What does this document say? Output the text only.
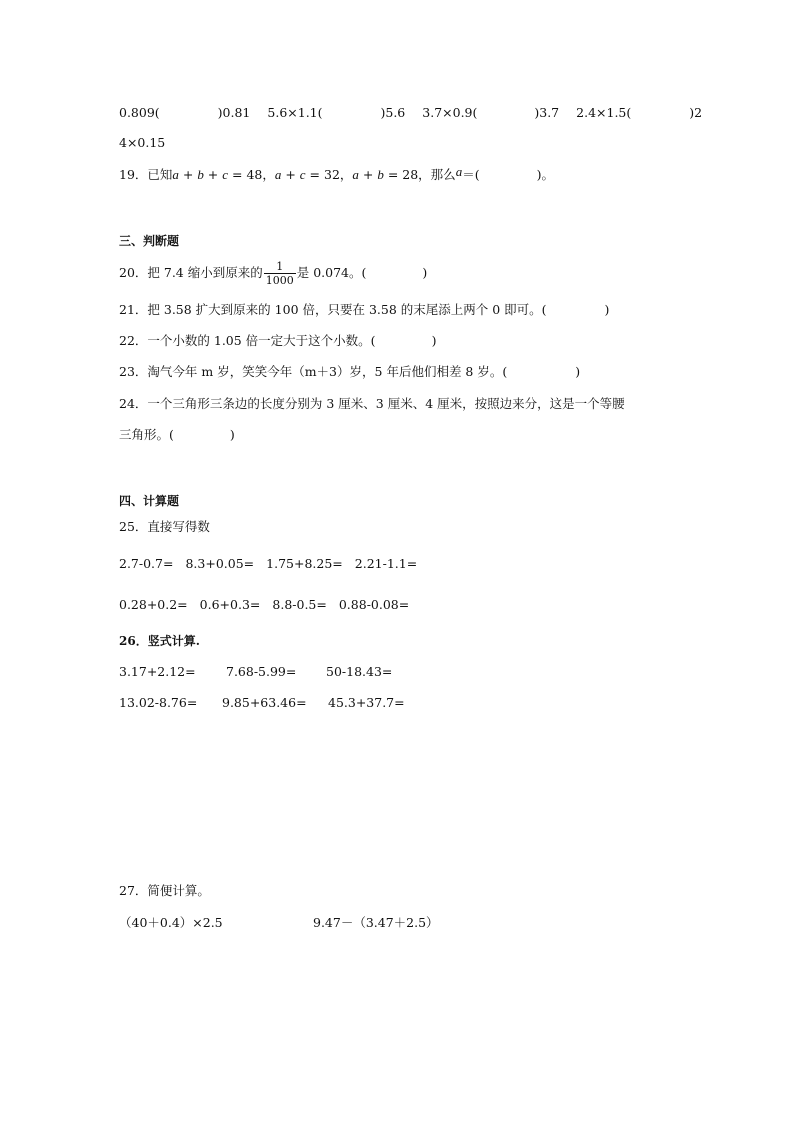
0.809(	)0.81 5.6×1.1(	)5.6 3.7×0.9(	)3.7 2.4×1.5(	)2
4×0.15
19．已知a + b + c = 48，a + c = 32，a + b = 28，那么a＝(	)。
三、判断题
20．把 7.4 缩小到原来的 $\frac{1}{1000}$ 是 0.074。(	)
21．把 3.58 扩大到原来的 100 倍，只要在 3.58 的末尾添上两个 0 即可。(	)
22．一个小数的 1.05 倍一定大于这个小数。(	)
23．淘气今年 m 岁，笑笑今年（m＋3）岁，5 年后他们相差 8 岁。(	)
24．一个三角形三条边的长度分别为 3 厘米、3 厘米、4 厘米，按照边来分，这是一个等腰
三角形。(	)
四、计算题
25．直接写得数
2.7-0.7= 8.3+0.05= 1.75+8.25= 2.21-1.1=
0.28+0.2= 0.6+0.3= 8.8-0.5= 0.88-0.08=
26．竖式计算.
3.17+2.12= 7.68-5.99= 50-18.43=
13.02-8.76= 9.85+63.46= 45.3+37.7=
27．简便计算。
（40＋0.4）×2.5	9.47－（3.47＋2.5）
